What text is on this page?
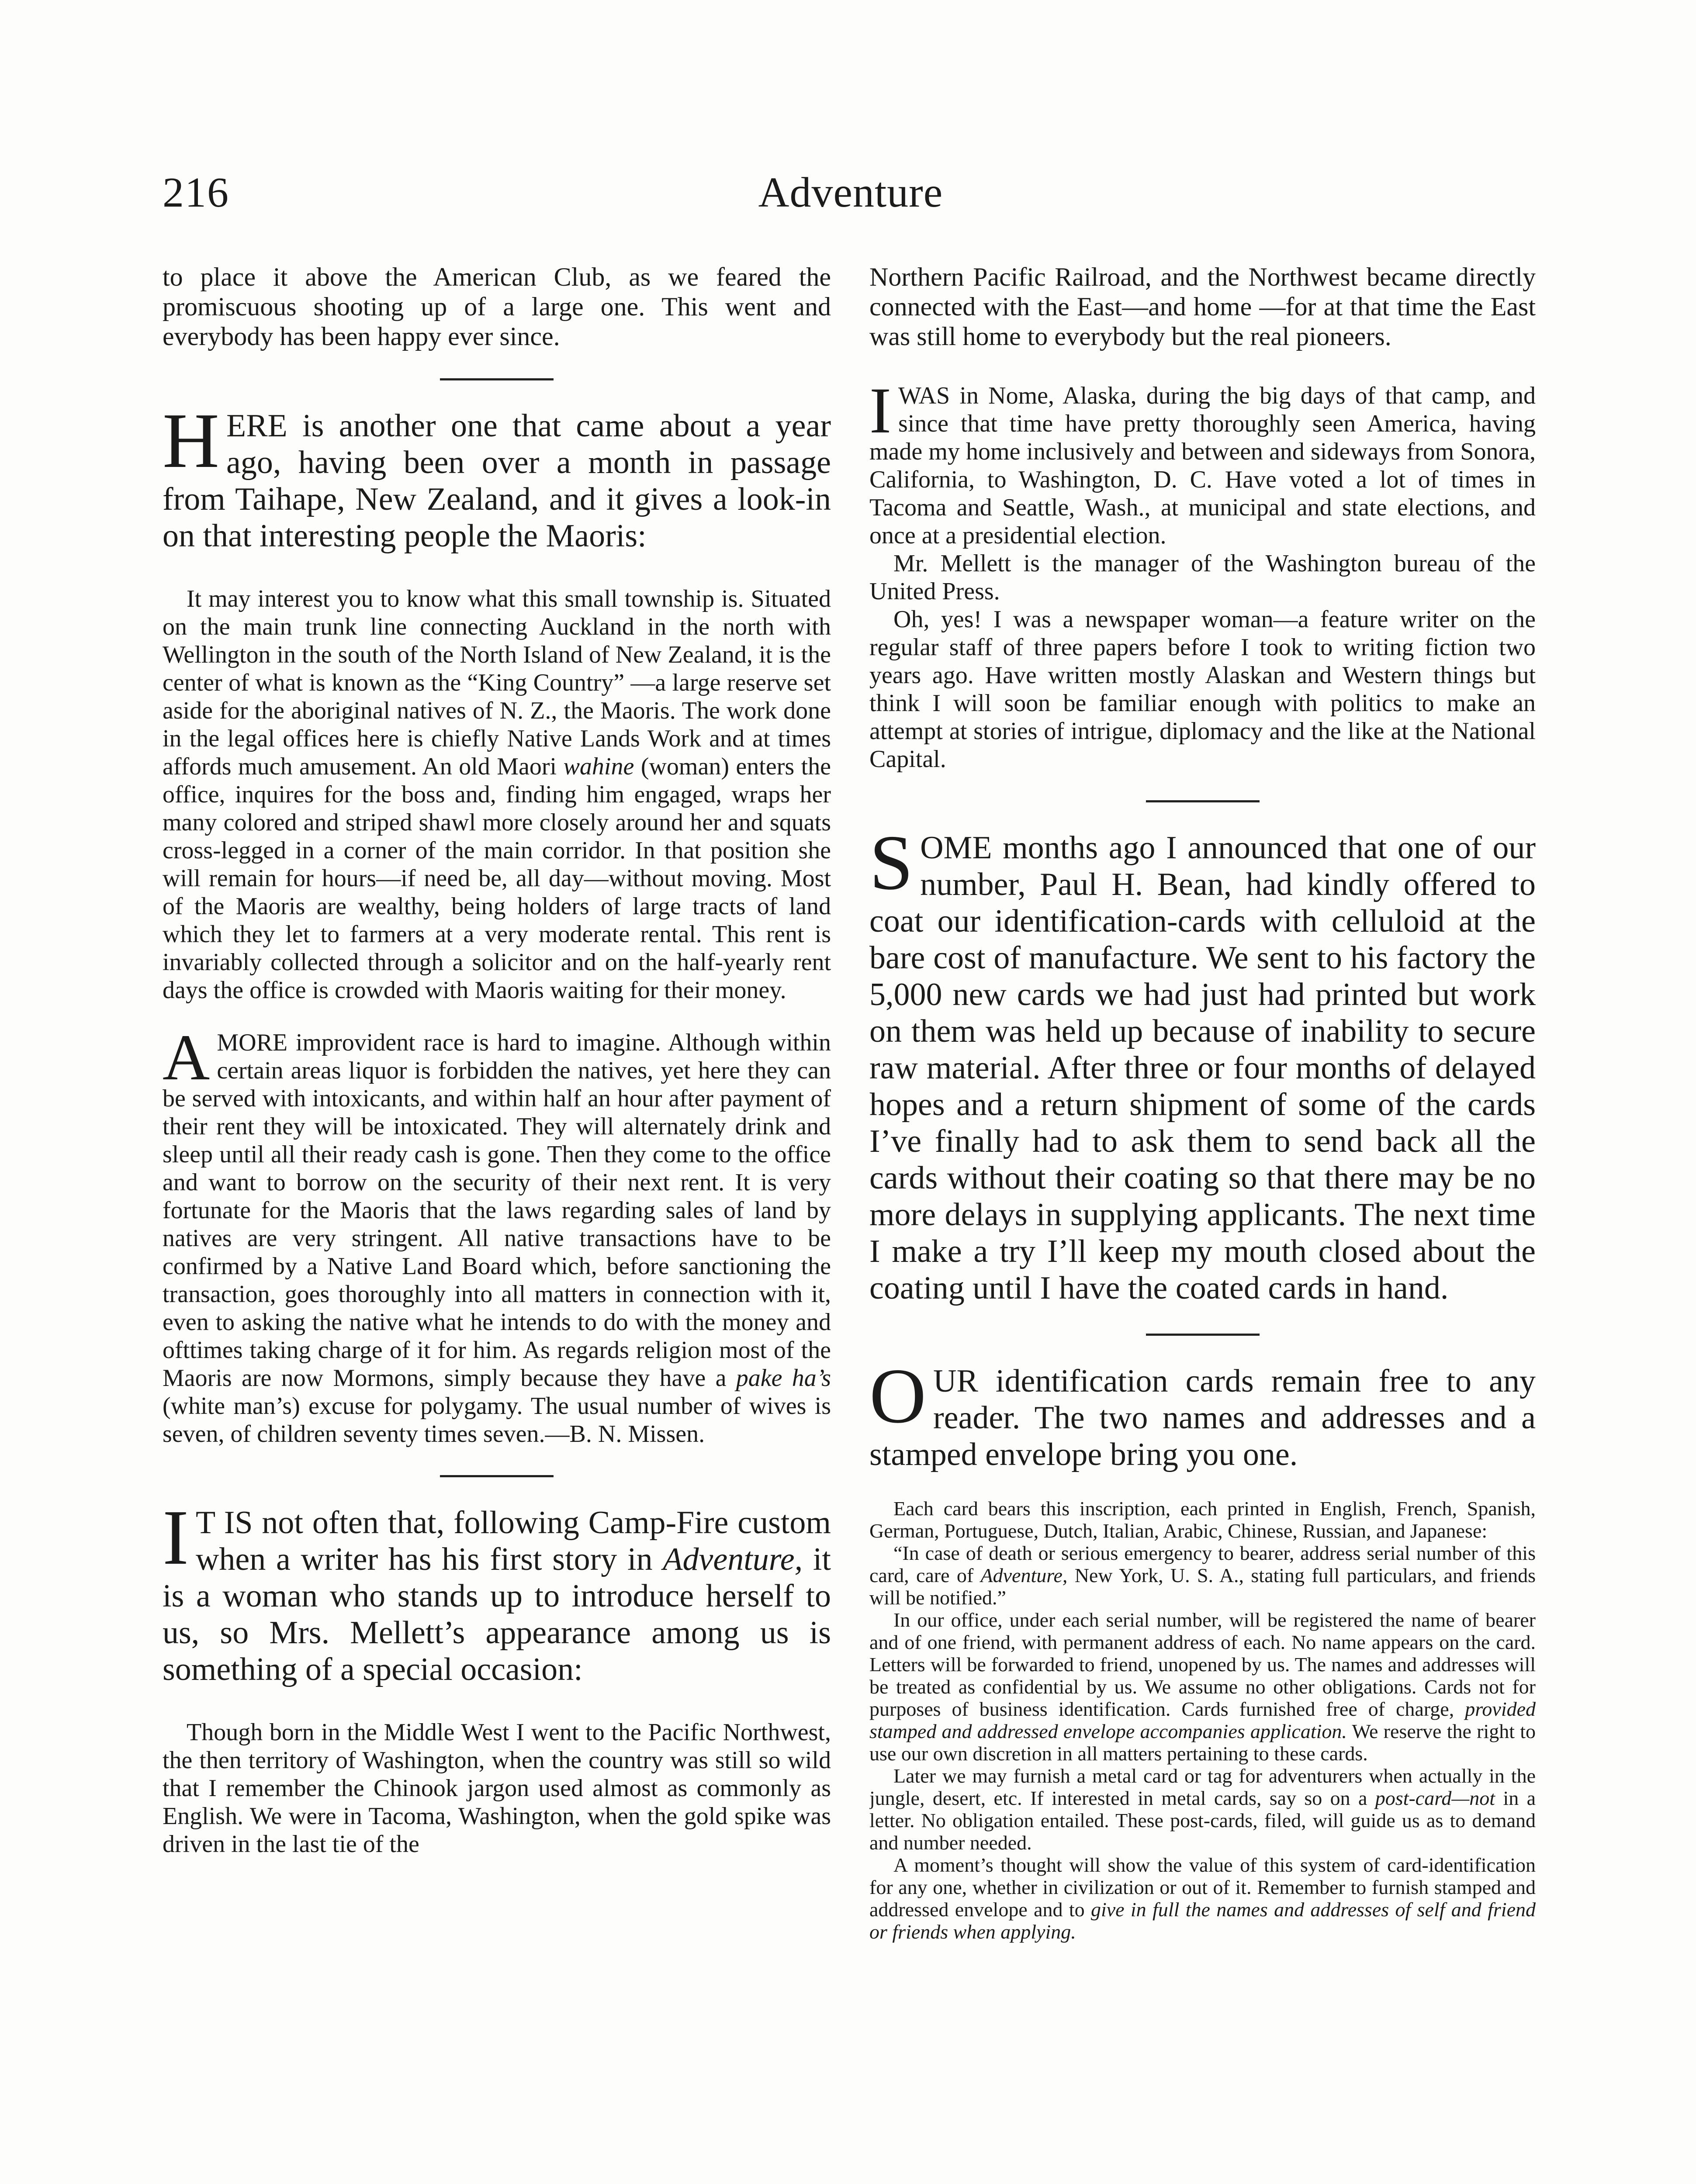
216	Adventure

to place it above the American Club, as we feared the promiscuous shooting up of a large one. This went and everybody has been happy ever since.

H ERE is another one that came about a year ago, having been over a month in passage from Taihape, New Zealand, and it gives a look-in on that interesting people the Maoris:

It may interest you to know what this small township is. Situated on the main trunk line connecting Auckland in the north with Wellington in the south of the North Island of New Zealand, it is the center of what is known as the “King Country” —a large reserve set aside for the aboriginal natives of N. Z., the Maoris. The work done in the legal offices here is chiefly Native Lands Work and at times affords much amusement. An old Maori wahine (woman) enters the office, inquires for the boss and, finding him engaged, wraps her many colored and striped shawl more closely around her and squats cross-legged in a corner of the main corridor. In that position she will remain for hours—if need be, all day—without moving. Most of the Maoris are wealthy, being holders of large tracts of land which they let to farmers at a very moderate rental. This rent is invariably collected through a solicitor and on the half-yearly rent days the office is crowded with Maoris waiting for their money.

A MORE improvident race is hard to imagine. Although within certain areas liquor is forbidden the natives, yet here they can be served with intoxicants, and within half an hour after payment of their rent they will be intoxicated. They will alternately drink and sleep until all their ready cash is gone. Then they come to the office and want to borrow on the security of their next rent. It is very fortunate for the Maoris that the laws regarding sales of land by natives are very stringent. All native transactions have to be confirmed by a Native Land Board which, before sanctioning the transaction, goes thoroughly into all matters in connection with it, even to asking the native what he intends to do with the money and ofttimes taking charge of it for him. As regards religion most of the Maoris are now Mormons, simply because they have a pake ha’s (white man’s) excuse for polygamy. The usual number of wives is seven, of children seventy times seven.—B. N. Missen.

I T IS not often that, following Camp-Fire custom when a writer has his first story in Adventure, it is a woman who stands up to introduce herself to us, so Mrs. Mellett’s appearance among us is something of a special occasion:

Though born in the Middle West I went to the Pacific Northwest, the then territory of Washington, when the country was still so wild that I remember the Chinook jargon used almost as commonly as English. We were in Tacoma, Washington, when the gold spike was driven in the last tie of the

Northern Pacific Railroad, and the Northwest became directly connected with the East—and home —for at that time the East was still home to everybody but the real pioneers.

I WAS in Nome, Alaska, during the big days of that camp, and since that time have pretty thoroughly seen America, having made my home inclusively and between and sideways from Sonora, California, to Washington, D. C. Have voted a lot of times in Tacoma and Seattle, Wash., at municipal and state elections, and once at a presidential election.

Mr. Mellett is the manager of the Washington bureau of the United Press.

Oh, yes! I was a newspaper woman—a feature writer on the regular staff of three papers before I took to writing fiction two years ago. Have written mostly Alaskan and Western things but think I will soon be familiar enough with politics to make an attempt at stories of intrigue, diplomacy and the like at the National Capital.

S OME months ago I announced that one of our number, Paul H. Bean, had kindly offered to coat our identification-cards with celluloid at the bare cost of manufacture. We sent to his factory the 5,000 new cards we had just had printed but work on them was held up because of inability to secure raw material. After three or four months of delayed hopes and a return shipment of some of the cards I’ve finally had to ask them to send back all the cards without their coating so that there may be no more delays in supplying applicants. The next time I make a try I’ll keep my mouth closed about the coating until I have the coated cards in hand.

O UR identification cards remain free to any reader. The two names and addresses and a stamped envelope bring you one.

Each card bears this inscription, each printed in English, French, Spanish, German, Portuguese, Dutch, Italian, Arabic, Chinese, Russian, and Japanese:

“In case of death or serious emergency to bearer, address serial number of this card, care of Adventure, New York, U. S. A., stating full particulars, and friends will be notified.”

In our office, under each serial number, will be registered the name of bearer and of one friend, with permanent address of each. No name appears on the card. Letters will be forwarded to friend, unopened by us. The names and addresses will be treated as confidential by us. We assume no other obligations. Cards not for purposes of business identification. Cards furnished free of charge, provided stamped and addressed envelope accompanies application. We reserve the right to use our own discretion in all matters pertaining to these cards.

Later we may furnish a metal card or tag for adventurers when actually in the jungle, desert, etc. If interested in metal cards, say so on a post-card—not in a letter. No obligation entailed. These post-cards, filed, will guide us as to demand and number needed.

A moment’s thought will show the value of this system of card-identification for any one, whether in civilization or out of it. Remember to furnish stamped and addressed envelope and to give in full the names and addresses of self and friend or friends when applying.
